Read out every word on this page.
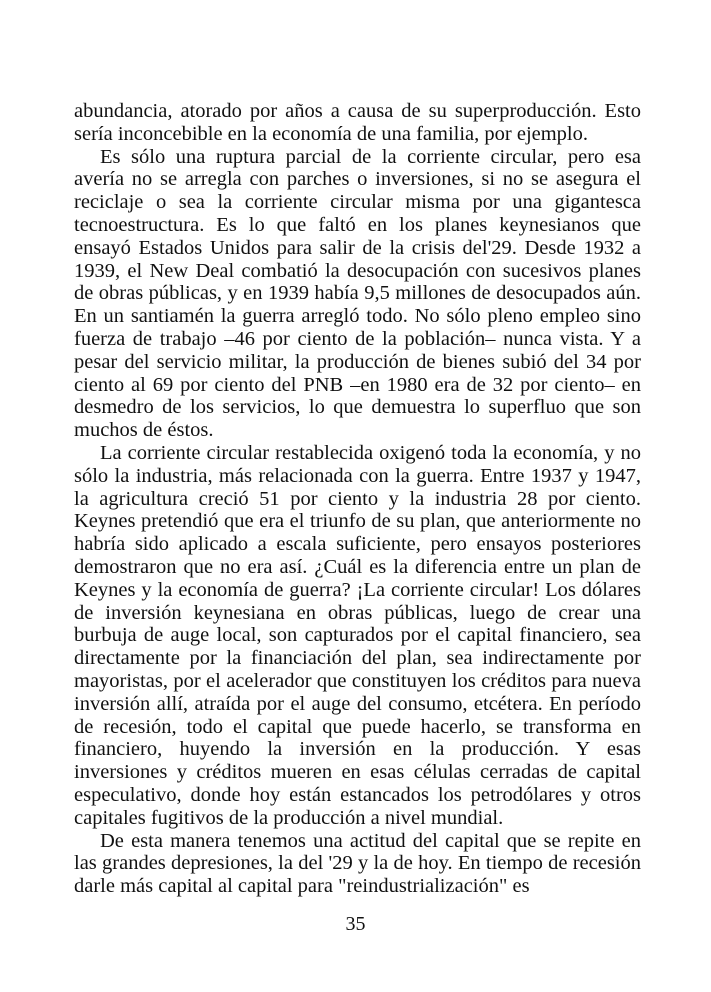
abundancia, atorado por años a causa de su superproducción. Esto sería inconcebible en la economía de una familia, por ejemplo.

Es sólo una ruptura parcial de la corriente circular, pero esa avería no se arregla con parches o inversiones, si no se asegura el reciclaje o sea la corriente circular misma por una gigantesca tecnoestructura. Es lo que faltó en los planes keynesianos que ensayó Estados Unidos para salir de la crisis del'29. Desde 1932 a 1939, el New Deal combatió la desocupación con sucesivos planes de obras públicas, y en 1939 había 9,5 millones de desocupados aún. En un santiamén la guerra arregló todo. No sólo pleno empleo sino fuerza de trabajo –46 por ciento de la población– nunca vista. Y a pesar del servicio militar, la producción de bienes subió del 34 por ciento al 69 por ciento del PNB –en 1980 era de 32 por ciento– en desmedro de los servicios, lo que demuestra lo superfluo que son muchos de éstos.

La corriente circular restablecida oxigenó toda la economía, y no sólo la industria, más relacionada con la guerra. Entre 1937 y 1947, la agricultura creció 51 por ciento y la industria 28 por ciento. Keynes pretendió que era el triunfo de su plan, que anteriormente no habría sido aplicado a escala suficiente, pero ensayos posteriores demostraron que no era así. ¿Cuál es la diferencia entre un plan de Keynes y la economía de guerra? ¡La corriente circular! Los dólares de inversión keynesiana en obras públicas, luego de crear una burbuja de auge local, son capturados por el capital financiero, sea directamente por la financiación del plan, sea indirectamente por mayoristas, por el acelerador que constituyen los créditos para nueva inversión allí, atraída por el auge del consumo, etcétera. En período de recesión, todo el capital que puede hacerlo, se transforma en financiero, huyendo la inversión en la producción. Y esas inversiones y créditos mueren en esas células cerradas de capital especulativo, donde hoy están estancados los petrodólares y otros capitales fugitivos de la producción a nivel mundial.

De esta manera tenemos una actitud del capital que se repite en las grandes depresiones, la del '29 y la de hoy. En tiempo de recesión darle más capital al capital para "reindustrialización" es

35
